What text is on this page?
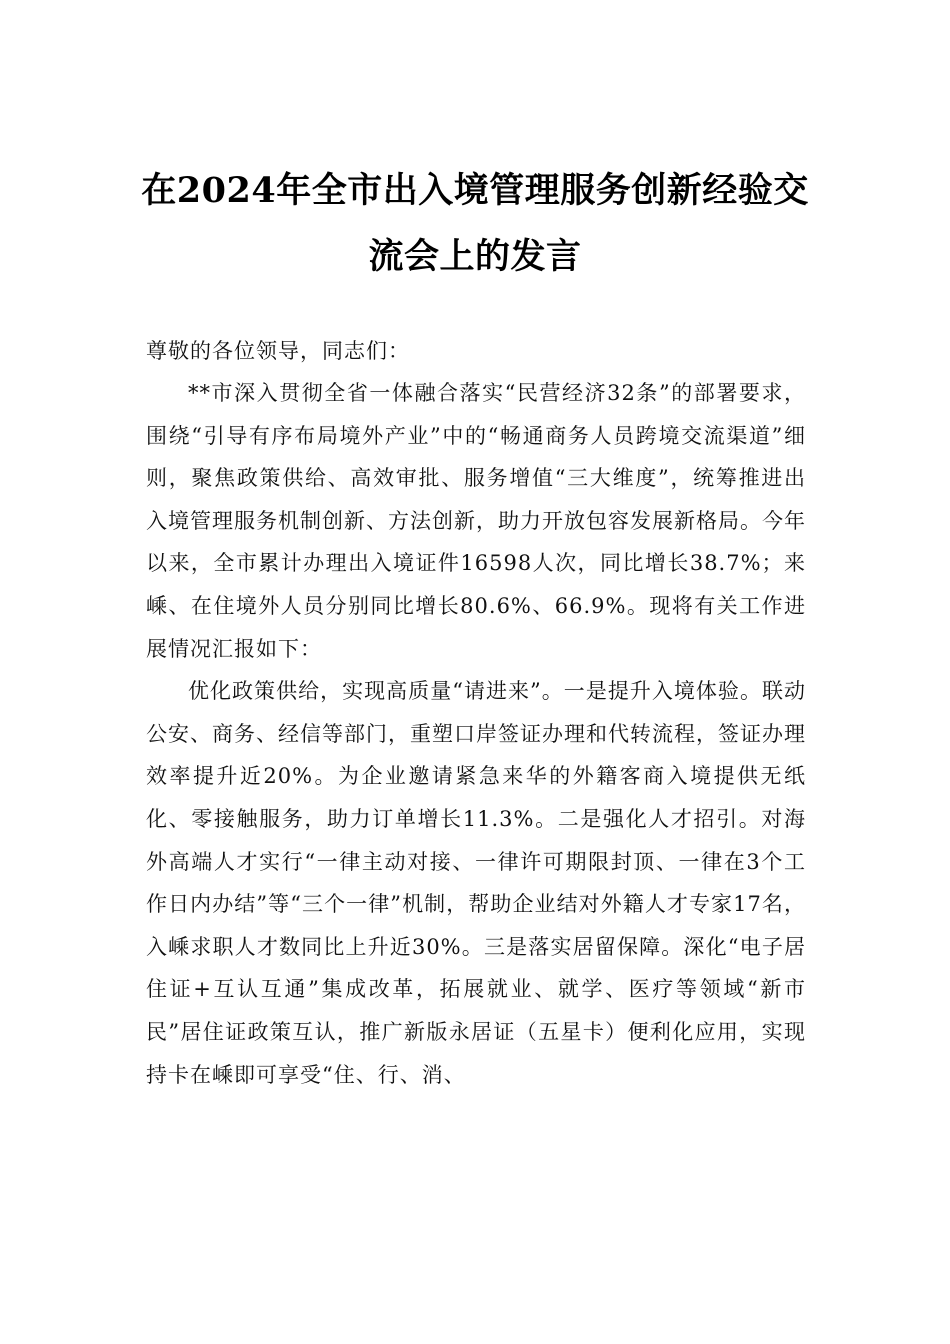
在2024年全市出入境管理服务创新经验交流会上的发言

尊敬的各位领导，同志们：

**市深入贯彻全省一体融合落实“民营经济32条”的部署要求，围绕“引导有序布局境外产业”中的“畅通商务人员跨境交流渠道”细则，聚焦政策供给、高效审批、服务增值“三大维度”，统筹推进出入境管理服务机制创新、方法创新，助力开放包容发展新格局。今年以来，全市累计办理出入境证件16598人次，同比增长38.7%；来嵊、在住境外人员分别同比增长80.6%、66.9%。现将有关工作进展情况汇报如下：

优化政策供给，实现高质量“请进来”。一是提升入境体验。联动公安、商务、经信等部门，重塑口岸签证办理和代转流程，签证办理效率提升近20%。为企业邀请紧急来华的外籍客商入境提供无纸化、零接触服务，助力订单增长11.3%。二是强化人才招引。对海外高端人才实行“一律主动对接、一律许可期限封顶、一律在3个工作日内办结”等“三个一律”机制，帮助企业结对外籍人才专家17名，入嵊求职人才数同比上升近30%。三是落实居留保障。深化“电子居住证+互认互通”集成改革，拓展就业、就学、医疗等领域“新市民”居住证政策互认，推广新版永居证（五星卡）便利化应用，实现持卡在嵊即可享受“住、行、消、
